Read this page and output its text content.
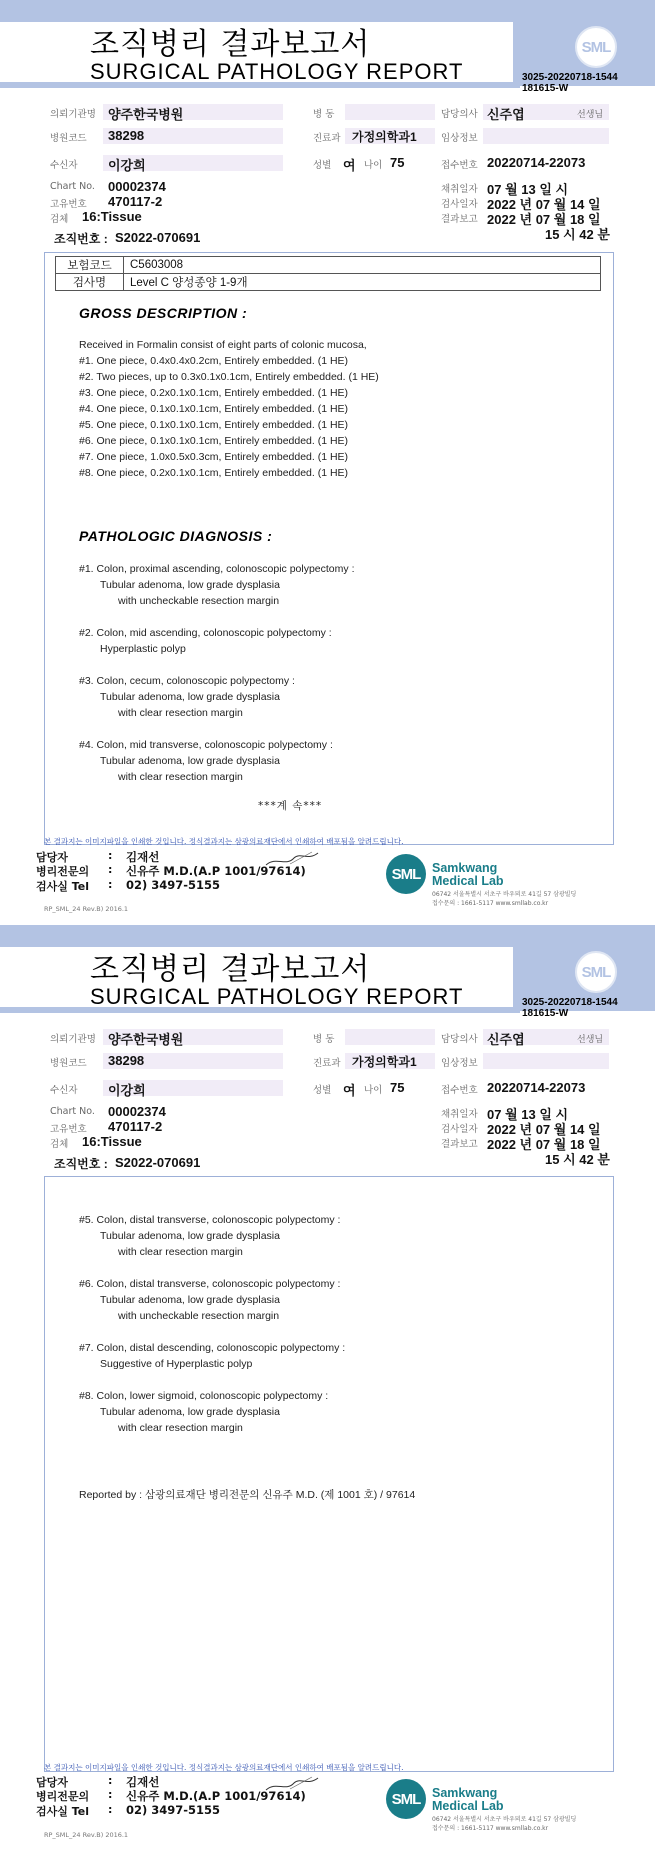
조직병리 결과보고서
SURGICAL PATHOLOGY REPORT
SML
3025-20220718-1544
181615-W
의뢰기관명 양주한국병원	병 동	담당의사 신주엽	선생님
병원코드 38298	진료과 가정의학과1	임상정보
수신자 이강희	성별 여 나이 75	접수번호 20220714-22073
Chart No. 00002374
고유번호 470117-2
검체 16:Tissue
채취일자 07 월 13 일 시
검사일자 2022 년 07 월 14 일
결과보고 2022 년 07 월 18 일
15 시 42 분
조직번호 : S2022-070691
보험코드	C5603008
검사명	Level C 양성종양 1-9개
GROSS DESCRIPTION :
Received in Formalin consist of eight parts of colonic mucosa,
#1. One piece, 0.4x0.4x0.2cm, Entirely embedded. (1 HE)
#2. Two pieces, up to 0.3x0.1x0.1cm, Entirely embedded. (1 HE)
#3. One piece, 0.2x0.1x0.1cm, Entirely embedded. (1 HE)
#4. One piece, 0.1x0.1x0.1cm, Entirely embedded. (1 HE)
#5. One piece, 0.1x0.1x0.1cm, Entirely embedded. (1 HE)
#6. One piece, 0.1x0.1x0.1cm, Entirely embedded. (1 HE)
#7. One piece, 1.0x0.5x0.3cm, Entirely embedded. (1 HE)
#8. One piece, 0.2x0.1x0.1cm, Entirely embedded. (1 HE)
PATHOLOGIC DIAGNOSIS :
#1. Colon, proximal ascending, colonoscopic polypectomy :
Tubular adenoma, low grade dysplasia
with uncheckable resection margin
#2. Colon, mid ascending, colonoscopic polypectomy :
Hyperplastic polyp
#3. Colon, cecum, colonoscopic polypectomy :
Tubular adenoma, low grade dysplasia
with clear resection margin
#4. Colon, mid transverse, colonoscopic polypectomy :
Tubular adenoma, low grade dysplasia
with clear resection margin
***계 속***
본 결과지는 이미지파일을 인쇄한 것입니다. 정식결과지는 삼광의료재단에서 인쇄하여 배포됨을 알려드립니다.
담당자	: 김재선
병리전문의 : 신유주 M.D.(A.P 1001/97614)
검사실 Tel : 02) 3497-5155
SML Samkwang
Medical Lab
06742 서울특별시 서초구 바우뫼로 41길 57 삼광빌딩
접수문의 : 1661-5117 www.smllab.co.kr
RP_SML_24 Rev.B) 2016.1
조직병리 결과보고서
SURGICAL PATHOLOGY REPORT
SML
3025-20220718-1544
181615-W
의뢰기관명 양주한국병원	병 동	담당의사 신주엽	선생님
병원코드 38298	진료과 가정의학과1	임상정보
수신자 이강희	성별 여 나이 75	접수번호 20220714-22073
Chart No. 00002374
고유번호 470117-2
검체 16:Tissue
채취일자 07 월 13 일 시
검사일자 2022 년 07 월 14 일
결과보고 2022 년 07 월 18 일
15 시 42 분
조직번호 : S2022-070691
#5. Colon, distal transverse, colonoscopic polypectomy :
Tubular adenoma, low grade dysplasia
with clear resection margin
#6. Colon, distal transverse, colonoscopic polypectomy :
Tubular adenoma, low grade dysplasia
with uncheckable resection margin
#7. Colon, distal descending, colonoscopic polypectomy :
Suggestive of Hyperplastic polyp
#8. Colon, lower sigmoid, colonoscopic polypectomy :
Tubular adenoma, low grade dysplasia
with clear resection margin
Reported by : 삼광의료재단 병리전문의 신유주 M.D. (제 1001 호) / 97614
본 결과지는 이미지파일을 인쇄한 것입니다. 정식결과지는 삼광의료재단에서 인쇄하여 배포됨을 알려드립니다.
담당자	: 김재선
병리전문의 : 신유주 M.D.(A.P 1001/97614)
검사실 Tel : 02) 3497-5155
SML Samkwang
Medical Lab
06742 서울특별시 서초구 바우뫼로 41길 57 삼광빌딩
접수문의 : 1661-5117 www.smllab.co.kr
RP_SML_24 Rev.B) 2016.1
